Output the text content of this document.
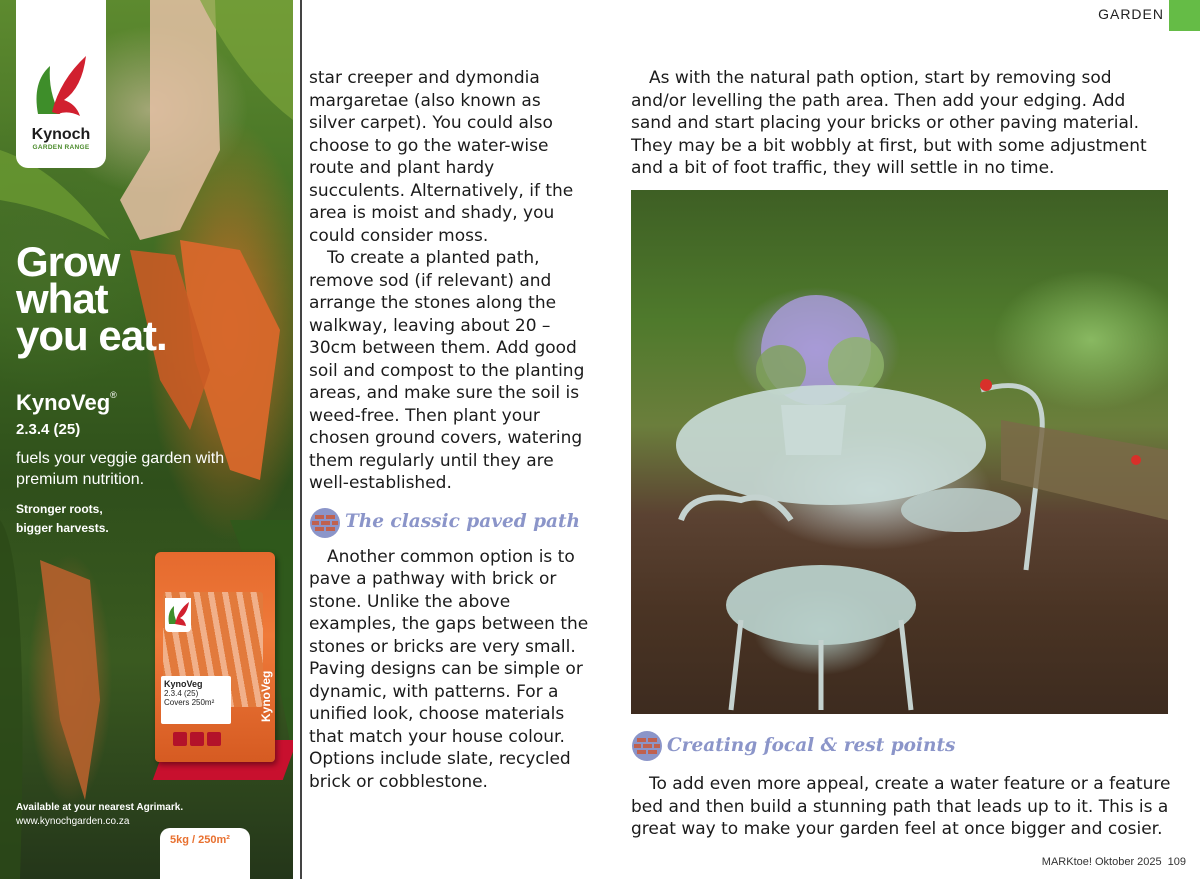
Kynoch
GARDEN RANGE
Grow
what
you eat.
KynoVeg®
2.3.4 (25)
fuels your veggie garden with premium nutrition.
Stronger roots,
bigger harvests.
KynoVeg
2.3.4 (25)
Covers 250m²	KynoVeg
Available at your nearest Agrimark.
www.kynochgarden.co.za
5kg / 250m²
GARDEN

star creeper and dymondia margaretae (also known as silver carpet). You could also choose to go the water-wise route and plant hardy succulents. Alternatively, if the area is moist and shady, you could consider moss.

To create a planted path, remove sod (if relevant) and arrange the stones along the walkway, leaving about 20 – 30cm between them. Add good soil and compost to the planting areas, and make sure the soil is weed-free. Then plant your chosen ground covers, watering them regularly until they are well-established.

The classic paved path

Another common option is to pave a pathway with brick or stone. Unlike the above examples, the gaps between the stones or bricks are very small. Paving designs can be simple or dynamic, with patterns. For a unified look, choose materials that match your house colour. Options include slate, recycled brick or cobblestone.

As with the natural path option, start by removing sod and/or levelling the path area. Then add your edging. Add sand and start placing your bricks or other paving material. They may be a bit wobbly at first, but with some adjustment and a bit of foot traffic, they will settle in no time.

Creating focal & rest points

To add even more appeal, create a water feature or a feature bed and then build a stunning path that leads up to it. This is a great way to make your garden feel at once bigger and cosier.

MARKtoe! Oktober 2025 109
